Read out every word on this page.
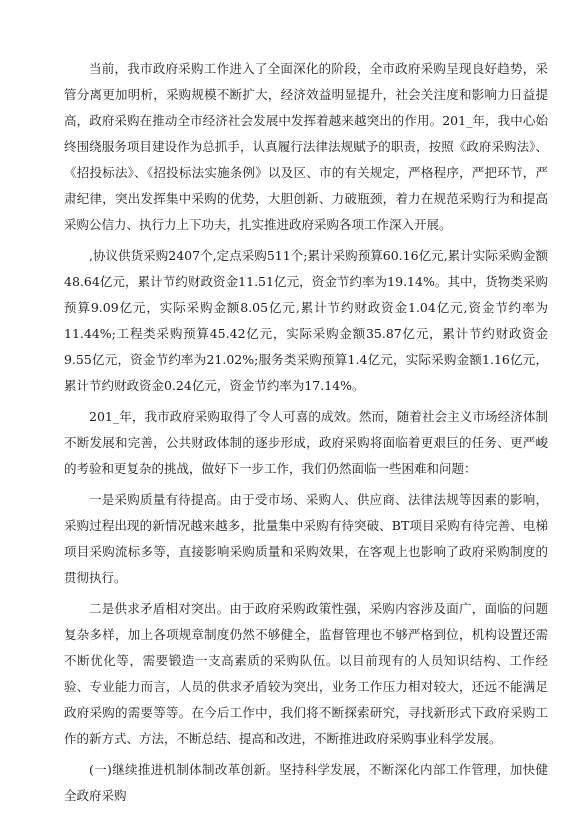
当前，我市政府采购工作进入了全面深化的阶段，全市政府采购呈现良好趋势，采管分离更加明析，采购规模不断扩大，经济效益明显提升，社会关注度和影响力日益提高，政府采购在推动全市经济社会发展中发挥着越来越突出的作用。201_年，我中心始终围绕服务项目建设作为总抓手，认真履行法律法规赋予的职责，按照《政府采购法》、《招投标法》、《招投标法实施条例》以及区、市的有关规定，严格程序，严把环节，严肃纪律，突出发挥集中采购的优势，大胆创新、力破瓶颈，着力在规范采购行为和提高采购公信力、执行力上下功夫，扎实推进政府采购各项工作深入开展。

,协议供货采购2407个,定点采购511个;累计采购预算60.16亿元,累计实际采购金额48.64亿元，累计节约财政资金11.51亿元，资金节约率为19.14%。其中，货物类采购预算9.09亿元，实际采购金额8.05亿元,累计节约财政资金1.04亿元,资金节约率为11.44%;工程类采购预算45.42亿元，实际采购金额35.87亿元，累计节约财政资金9.55亿元，资金节约率为21.02%;服务类采购预算1.4亿元，实际采购金额1.16亿元，累计节约财政资金0.24亿元，资金节约率为17.14%。

201_年，我市政府采购取得了令人可喜的成效。然而，随着社会主义市场经济体制不断发展和完善，公共财政体制的逐步形成，政府采购将面临着更艰巨的任务、更严峻的考验和更复杂的挑战，做好下一步工作，我们仍然面临一些困难和问题：

一是采购质量有待提高。由于受市场、采购人、供应商、法律法规等因素的影响，采购过程出现的新情况越来越多，批量集中采购有待突破、BT项目采购有待完善、电梯项目采购流标多等，直接影响采购质量和采购效果，在客观上也影响了政府采购制度的贯彻执行。

二是供求矛盾相对突出。由于政府采购政策性强，采购内容涉及面广，面临的问题复杂多样，加上各项规章制度仍然不够健全，监督管理也不够严格到位，机构设置还需不断优化等，需要锻造一支高素质的采购队伍。以目前现有的人员知识结构、工作经验、专业能力而言，人员的供求矛盾较为突出，业务工作压力相对较大，还远不能满足政府采购的需要等等。在今后工作中，我们将不断探索研究，寻找新形式下政府采购工作的新方式、方法，不断总结、提高和改进，不断推进政府采购事业科学发展。

(一)继续推进机制体制改革创新。坚持科学发展，不断深化内部工作管理，加快健全政府采购
